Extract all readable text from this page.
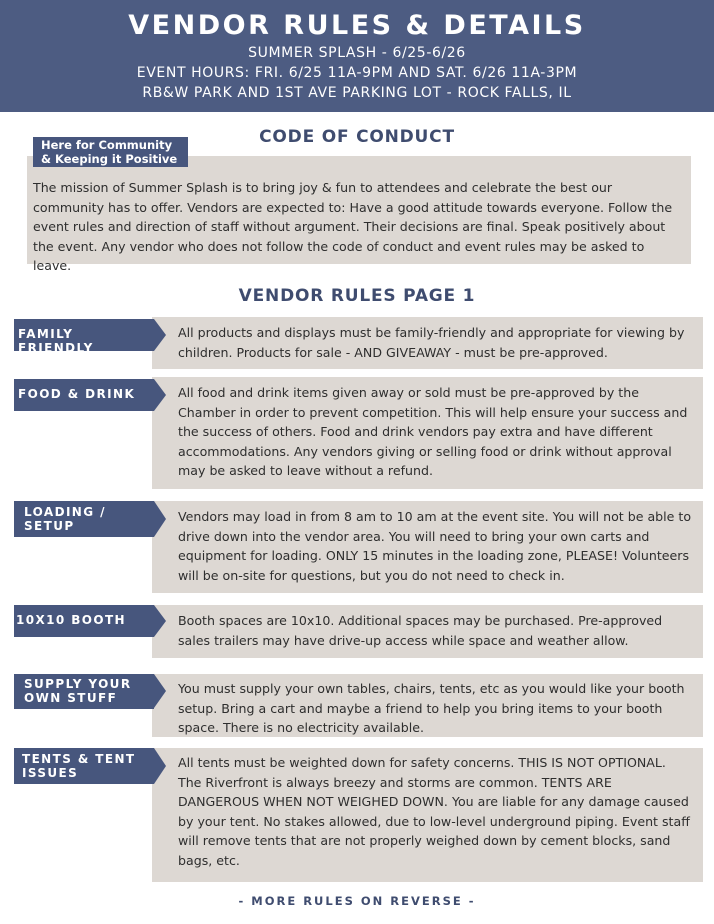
VENDOR RULES & DETAILS
SUMMER SPLASH - 6/25-6/26
EVENT HOURS: FRI. 6/25 11A-9PM AND SAT. 6/26 11A-3PM
RB&W PARK AND 1ST AVE PARKING LOT - ROCK FALLS, IL
CODE OF CONDUCT
The mission of Summer Splash is to bring joy & fun to attendees and celebrate the best our community has to offer. Vendors are expected to: Have a good attitude towards everyone. Follow the event rules and direction of staff without argument. Their decisions are final. Speak positively about the event. Any vendor who does not follow the code of conduct and event rules may be asked to leave.
Here for Community
& Keeping it Positive
VENDOR RULES PAGE 1
All products and displays must be family-friendly and appropriate for viewing by children. Products for sale - AND GIVEAWAY - must be pre-approved.
FAMILY FRIENDLY
All food and drink items given away or sold must be pre-approved by the Chamber in order to prevent competition. This will help ensure your success and the success of others. Food and drink vendors pay extra and have different accommodations. Any vendors giving or selling food or drink without approval may be asked to leave without a refund.
FOOD & DRINK
Vendors may load in from 8 am to 10 am at the event site. You will not be able to drive down into the vendor area. You will need to bring your own carts and equipment for loading. ONLY 15 minutes in the loading zone, PLEASE! Volunteers will be on-site for questions, but you do not need to check in.
LOADING /
SETUP
Booth spaces are 10x10. Additional spaces may be purchased. Pre-approved sales trailers may have drive-up access while space and weather allow.
10X10 BOOTH
You must supply your own tables, chairs, tents, etc as you would like your booth setup. Bring a cart and maybe a friend to help you bring items to your booth space. There is no electricity available.
SUPPLY YOUR
OWN STUFF
All tents must be weighted down for safety concerns. THIS IS NOT OPTIONAL. The Riverfront is always breezy and storms are common. TENTS ARE DANGEROUS WHEN NOT WEIGHED DOWN. You are liable for any damage caused by your tent. No stakes allowed, due to low-level underground piping. Event staff will remove tents that are not properly weighed down by cement blocks, sand bags, etc.
TENTS & TENT
ISSUES
- MORE RULES ON REVERSE -
